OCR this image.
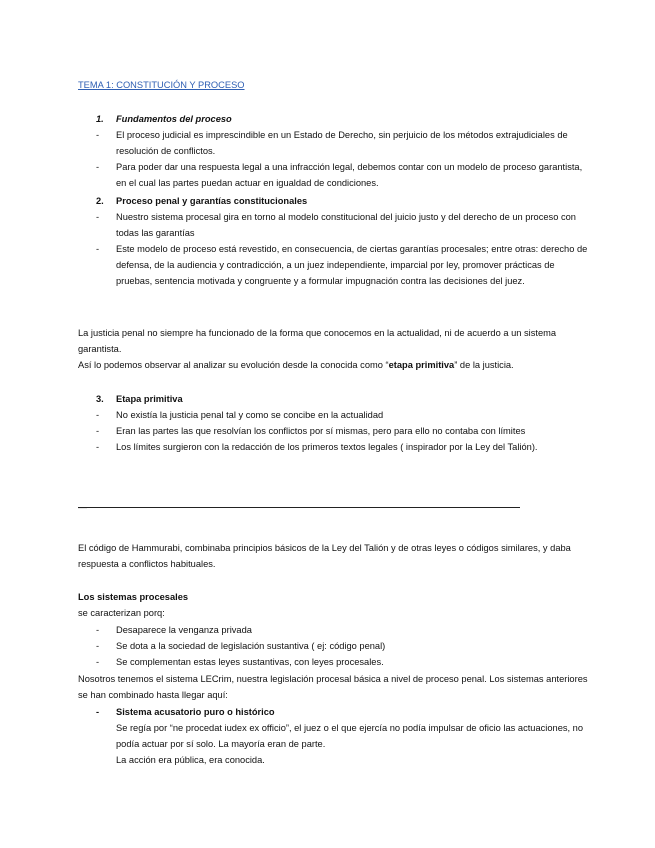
TEMA 1: CONSTITUCIÓN Y PROCESO
1. Fundamentos del proceso
- El proceso judicial es imprescindible en un Estado de Derecho, sin perjuicio de los métodos extrajudiciales de resolución de conflictos.
- Para poder dar una respuesta legal a una infracción legal, debemos contar con un modelo de proceso garantista, en el cual las partes puedan actuar en igualdad de condiciones.
2. Proceso penal y garantías constitucionales
- Nuestro sistema procesal gira en torno al modelo constitucional del juicio justo y del derecho de un proceso con todas las garantías
- Este modelo de proceso está revestido, en consecuencia, de ciertas garantías procesales; entre otras: derecho de defensa, de la audiencia y contradicción, a un juez independiente, imparcial por ley, promover prácticas de pruebas, sentencia motivada y congruente y a formular impugnación contra las decisiones del juez.
La justicia penal no siempre ha funcionado de la forma que conocemos en la actualidad, ni de acuerdo a un sistema garantista.
Así lo podemos observar al analizar su evolución desde la conocida como “etapa primitiva” de la justicia.
3. Etapa primitiva
- No existía la justicia penal tal y como se concibe en la actualidad
- Eran las partes las que resolvían los conflictos por sí mismas, pero para ello no contaba con límites
- Los límites surgieron con la redacción de los primeros textos legales ( inspirador por la Ley del Talión).
—
El código de Hammurabi, combinaba principios básicos de la Ley del Talión y de otras leyes o códigos similares, y daba respuesta a conflictos habituales.
Los sistemas procesales
se caracterizan porq:
- Desaparece la venganza privada
- Se dota a la sociedad de legislación sustantiva ( ej: código penal)
- Se complementan estas leyes sustantivas, con leyes procesales.
Nosotros tenemos el sistema LECrim, nuestra legislación procesal básica a nivel de proceso penal. Los sistemas anteriores se han combinado hasta llegar aquí:
- Sistema acusatorio puro o histórico
Se regía por “ne procedat iudex ex officio”, el juez o el que ejercía no podía impulsar de oficio las actuaciones, no podía actuar por sí solo. La mayoría eran de parte.
La acción era pública, era conocida.
